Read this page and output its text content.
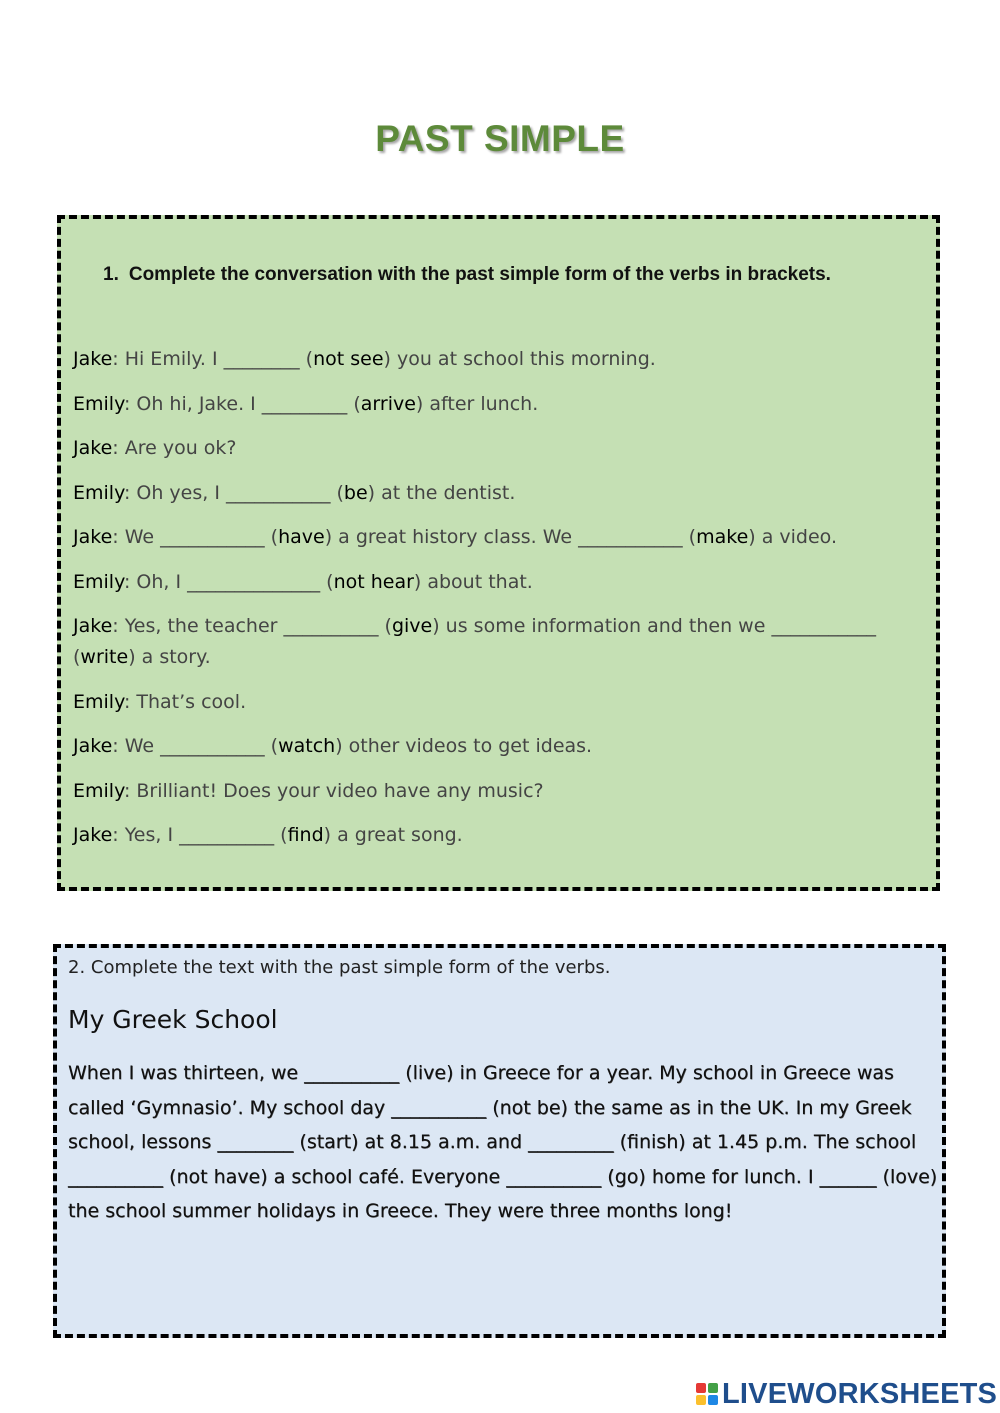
PAST SIMPLE
1. Complete the conversation with the past simple form of the verbs in brackets.
Jake: Hi Emily. I ________ (not see) you at school this morning.
Emily: Oh hi, Jake. I _________ (arrive) after lunch.
Jake: Are you ok?
Emily: Oh yes, I ___________ (be) at the dentist.
Jake: We ___________ (have) a great history class. We ___________ (make) a video.
Emily: Oh, I ______________ (not hear) about that.
Jake: Yes, the teacher __________ (give) us some information and then we ___________ (write) a story.
Emily: That’s cool.
Jake: We ___________ (watch) other videos to get ideas.
Emily: Brilliant! Does your video have any music?
Jake: Yes, I __________ (find) a great song.
2. Complete the text with the past simple form of the verbs.
My Greek School
When I was thirteen, we __________ (live) in Greece for a year. My school in Greece was called ‘Gymnasio’. My school day __________ (not be) the same as in the UK. In my Greek school, lessons ________ (start) at 8.15 a.m. and _________ (finish) at 1.45 p.m. The school __________ (not have) a school café. Everyone __________ (go) home for lunch. I ______ (love) the school summer holidays in Greece. They were three months long!
LIVEWORKSHEETS
